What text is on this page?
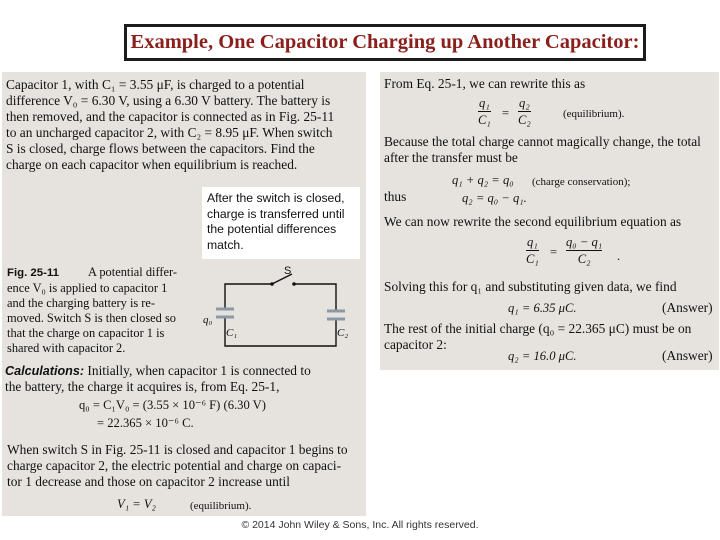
Example, One Capacitor Charging up Another Capacitor:
Capacitor 1, with C₁ = 3.55 μF, is charged to a potential
difference V₀ = 6.30 V, using a 6.30 V battery. The battery is
then removed, and the capacitor is connected as in Fig. 25-11
to an uncharged capacitor 2, with C₂ = 8.95 μF. When switch
S is closed, charge flows between the capacitors. Find the
charge on each capacitor when equilibrium is reached.
Fig. 25-11 A potential differ-
ence V₀ is applied to capacitor 1
and the charging battery is re-
moved. Switch S is then closed so
that the charge on capacitor 1 is
shared with capacitor 2.
Calculations: Initially, when capacitor 1 is connected to
the battery, the charge it acquires is, from Eq. 25-1,
q₀ = C₁V₀ = (3.55 × 10⁻⁶ F) (6.30 V)
= 22.365 × 10⁻⁶ C.
When switch S in Fig. 25-11 is closed and capacitor 1 begins to
charge capacitor 2, the electric potential and charge on capaci-
tor 1 decrease and those on capacitor 2 increase until
V₁ = V₂	(equilibrium).
After the switch is closed,
charge is transferred until
the potential differences
match.
S
q₀
C₁	C₂
From Eq. 25-1, we can rewrite this as
q₁
C₁ =
q₂
C₂	(equilibrium).
Because the total charge cannot magically change, the total
after the transfer must be
q₁ + q₂ = q₀ (charge conservation);
thus	q₂ = q₀ − q₁.
We can now rewrite the second equilibrium equation as
q₁
C₁ =
q₀ − q₁
C₂	.
Solving this for q₁ and substituting given data, we find
q₁ = 6.35 μC.	(Answer)
The rest of the initial charge (q₀ = 22.365 μC) must be on
capacitor 2:
q₂ = 16.0 μC.	(Answer)
© 2014 John Wiley & Sons, Inc. All rights reserved.
